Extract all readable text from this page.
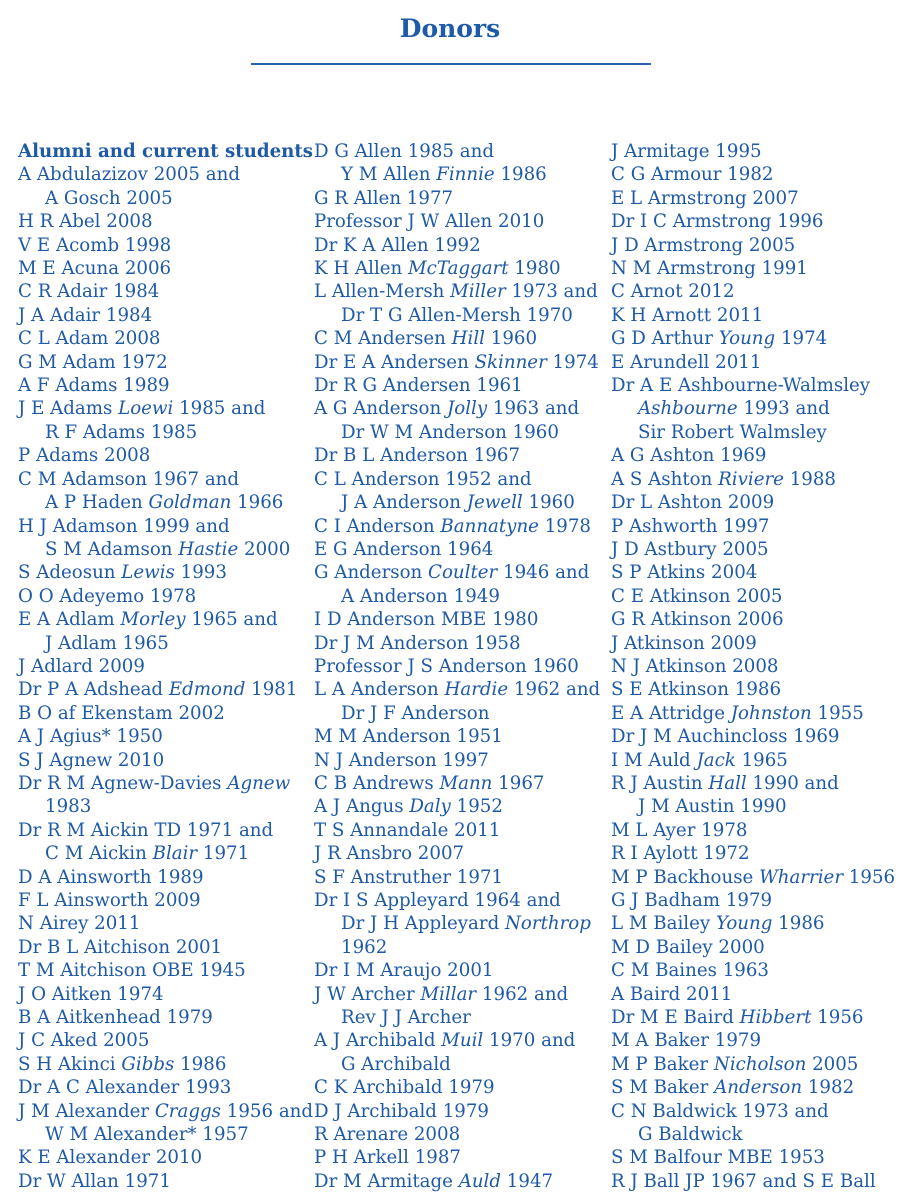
Donors
Alumni and current students
A Abdulazizov 2005 and
A Gosch 2005
H R Abel 2008
V E Acomb 1998
M E Acuna 2006
C R Adair 1984
J A Adair 1984
C L Adam 2008
G M Adam 1972
A F Adams 1989
J E Adams Loewi 1985 and
R F Adams 1985
P Adams 2008
C M Adamson 1967 and
A P Haden Goldman 1966
H J Adamson 1999 and
S M Adamson Hastie 2000
S Adeosun Lewis 1993
O O Adeyemo 1978
E A Adlam Morley 1965 and
J Adlam 1965
J Adlard 2009
Dr P A Adshead Edmond 1981
B O af Ekenstam 2002
A J Agius* 1950
S J Agnew 2010
Dr R M Agnew-Davies Agnew
1983
Dr R M Aickin TD 1971 and
C M Aickin Blair 1971
D A Ainsworth 1989
F L Ainsworth 2009
N Airey 2011
Dr B L Aitchison 2001
T M Aitchison OBE 1945
J O Aitken 1974
B A Aitkenhead 1979
J C Aked 2005
S H Akinci Gibbs 1986
Dr A C Alexander 1993
J M Alexander Craggs 1956 and
W M Alexander* 1957
K E Alexander 2010
Dr W Allan 1971
D G Allen 1985 and
Y M Allen Finnie 1986
G R Allen 1977
Professor J W Allen 2010
Dr K A Allen 1992
K H Allen McTaggart 1980
L Allen-Mersh Miller 1973 and
Dr T G Allen-Mersh 1970
C M Andersen Hill 1960
Dr E A Andersen Skinner 1974
Dr R G Andersen 1961
A G Anderson Jolly 1963 and
Dr W M Anderson 1960
Dr B L Anderson 1967
C L Anderson 1952 and
J A Anderson Jewell 1960
C I Anderson Bannatyne 1978
E G Anderson 1964
G Anderson Coulter 1946 and
A Anderson 1949
I D Anderson MBE 1980
Dr J M Anderson 1958
Professor J S Anderson 1960
L A Anderson Hardie 1962 and
Dr J F Anderson
M M Anderson 1951
N J Anderson 1997
C B Andrews Mann 1967
A J Angus Daly 1952
T S Annandale 2011
J R Ansbro 2007
S F Anstruther 1971
Dr I S Appleyard 1964 and
Dr J H Appleyard Northrop
1962
Dr I M Araujo 2001
J W Archer Millar 1962 and
Rev J J Archer
A J Archibald Muil 1970 and
G Archibald
C K Archibald 1979
D J Archibald 1979
R Arenare 2008
P H Arkell 1987
Dr M Armitage Auld 1947
J Armitage 1995
C G Armour 1982
E L Armstrong 2007
Dr I C Armstrong 1996
J D Armstrong 2005
N M Armstrong 1991
C Arnot 2012
K H Arnott 2011
G D Arthur Young 1974
E Arundell 2011
Dr A E Ashbourne-Walmsley
Ashbourne 1993 and
Sir Robert Walmsley
A G Ashton 1969
A S Ashton Riviere 1988
Dr L Ashton 2009
P Ashworth 1997
J D Astbury 2005
S P Atkins 2004
C E Atkinson 2005
G R Atkinson 2006
J Atkinson 2009
N J Atkinson 2008
S E Atkinson 1986
E A Attridge Johnston 1955
Dr J M Auchincloss 1969
I M Auld Jack 1965
R J Austin Hall 1990 and
J M Austin 1990
M L Ayer 1978
R I Aylott 1972
M P Backhouse Wharrier 1956
G J Badham 1979
L M Bailey Young 1986
M D Bailey 2000
C M Baines 1963
A Baird 2011
Dr M E Baird Hibbert 1956
M A Baker 1979
M P Baker Nicholson 2005
S M Baker Anderson 1982
C N Baldwick 1973 and
G Baldwick
S M Balfour MBE 1953
R J Ball JP 1967 and S E Ball
